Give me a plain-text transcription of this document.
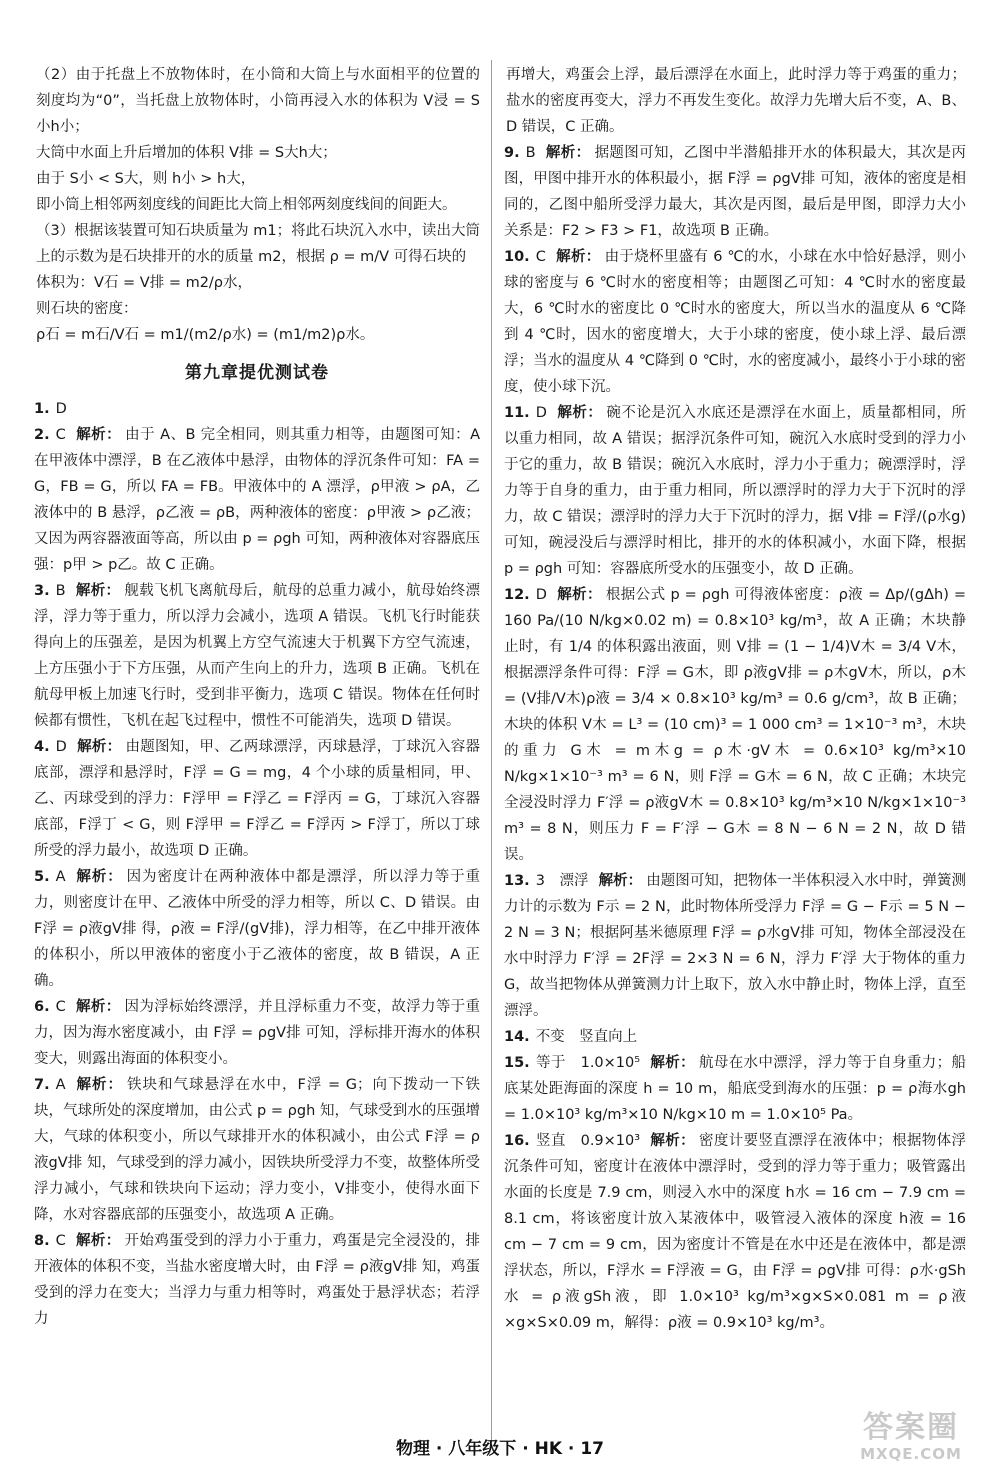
（2）由于托盘上不放物体时，在小筒和大筒上与水面相平的位置的刻度均为“0”，当托盘上放物体时，小筒再浸入水的体积为 V浸 = S小h小；

大筒中水面上升后增加的体积 V排 = S大h大；

由于 S小 < S大，则 h小 > h大，

即小筒上相邻两刻度线的间距比大筒上相邻两刻度线间的间距大。

（3）根据该装置可知石块质量为 m1；将此石块沉入水中，读出大筒上的示数为是石块排开的水的质量 m2，根据 ρ = m/V 可得石块的

体积为：V石 = V排 = m2/ρ水，

则石块的密度：

ρ石 = m石/V石 = m1/(m2/ρ水) = (m1/m2)ρ水。

第九章提优测试卷

1. D

2. C 解析： 由于 A、B 完全相同，则其重力相等，由题图可知：A 在甲液体中漂浮，B 在乙液体中悬浮，由物体的浮沉条件可知：FA = G，FB = G，所以 FA = FB。甲液体中的 A 漂浮，ρ甲液 > ρA，乙液体中的 B 悬浮，ρ乙液 = ρB，两种液体的密度：ρ甲液 > ρ乙液；又因为两容器液面等高，所以由 p = ρgh 可知，两种液体对容器底压强：p甲 > p乙。故 C 正确。

3. B 解析： 舰载飞机飞离航母后，航母的总重力减小，航母始终漂浮，浮力等于重力，所以浮力会减小，选项 A 错误。飞机飞行时能获得向上的压强差，是因为机翼上方空气流速大于机翼下方空气流速，上方压强小于下方压强，从而产生向上的升力，选项 B 正确。飞机在航母甲板上加速飞行时，受到非平衡力，选项 C 错误。物体在任何时候都有惯性，飞机在起飞过程中，惯性不可能消失，选项 D 错误。

4. D 解析： 由题图知，甲、乙两球漂浮，丙球悬浮，丁球沉入容器底部，漂浮和悬浮时，F浮 = G = mg，4 个小球的质量相同，甲、乙、丙球受到的浮力：F浮甲 = F浮乙 = F浮丙 = G，丁球沉入容器底部，F浮丁 < G，则 F浮甲 = F浮乙 = F浮丙 > F浮丁，所以丁球所受的浮力最小，故选项 D 正确。

5. A 解析： 因为密度计在两种液体中都是漂浮，所以浮力等于重力，则密度计在甲、乙液体中所受的浮力相等，所以 C、D 错误。由 F浮 = ρ液gV排 得，ρ液 = F浮/(gV排)，浮力相等，在乙中排开液体的体积小，所以甲液体的密度小于乙液体的密度，故 B 错误，A 正确。

6. C 解析： 因为浮标始终漂浮，并且浮标重力不变，故浮力等于重力，因为海水密度减小，由 F浮 = ρgV排 可知，浮标排开海水的体积变大，则露出海面的体积变小。

7. A 解析： 铁块和气球悬浮在水中，F浮 = G；向下拨动一下铁块，气球所处的深度增加，由公式 p = ρgh 知，气球受到水的压强增大，气球的体积变小，所以气球排开水的体积减小，由公式 F浮 = ρ液gV排 知，气球受到的浮力减小，因铁块所受浮力不变，故整体所受浮力减小，气球和铁块向下运动；浮力变小，V排变小，使得水面下降，水对容器底部的压强变小，故选项 A 正确。

8. C 解析： 开始鸡蛋受到的浮力小于重力，鸡蛋是完全浸没的，排开液体的体积不变，当盐水密度增大时，由 F浮 = ρ液gV排 知，鸡蛋受到的浮力在变大；当浮力与重力相等时，鸡蛋处于悬浮状态；若浮力

再增大，鸡蛋会上浮，最后漂浮在水面上，此时浮力等于鸡蛋的重力；盐水的密度再变大，浮力不再发生变化。故浮力先增大后不变，A、B、D 错误，C 正确。

9. B 解析： 据题图可知，乙图中半潜船排开水的体积最大，其次是丙图，甲图中排开水的体积最小，据 F浮 = ρgV排 可知，液体的密度是相同的，乙图中船所受浮力最大，其次是丙图，最后是甲图，即浮力大小关系是：F2 > F3 > F1，故选项 B 正确。

10. C 解析： 由于烧杯里盛有 6 ℃的水，小球在水中恰好悬浮，则小球的密度与 6 ℃时水的密度相等；由题图乙可知：4 ℃时水的密度最大，6 ℃时水的密度比 0 ℃时水的密度大，所以当水的温度从 6 ℃降到 4 ℃时，因水的密度增大，大于小球的密度，使小球上浮、最后漂浮；当水的温度从 4 ℃降到 0 ℃时，水的密度减小，最终小于小球的密度，使小球下沉。

11. D 解析： 碗不论是沉入水底还是漂浮在水面上，质量都相同，所以重力相同，故 A 错误；据浮沉条件可知，碗沉入水底时受到的浮力小于它的重力，故 B 错误；碗沉入水底时，浮力小于重力；碗漂浮时，浮力等于自身的重力，由于重力相同，所以漂浮时的浮力大于下沉时的浮力，故 C 错误；漂浮时的浮力大于下沉时的浮力，据 V排 = F浮/(ρ水g) 可知，碗浸没后与漂浮时相比，排开的水的体积减小，水面下降，根据 p = ρgh 可知：容器底所受水的压强变小，故 D 正确。

12. D 解析： 根据公式 p = ρgh 可得液体密度：ρ液 = Δp/(gΔh) = 160 Pa/(10 N/kg×0.02 m) = 0.8×10³ kg/m³，故 A 正确；木块静止时，有 1/4 的体积露出液面，则 V排 = (1 − 1/4)V木 = 3/4 V木，根据漂浮条件可得：F浮 = G木，即 ρ液gV排 = ρ木gV木，所以，ρ木 = (V排/V木)ρ液 = 3/4 × 0.8×10³ kg/m³ = 0.6 g/cm³，故 B 正确；木块的体积 V木 = L³ = (10 cm)³ = 1 000 cm³ = 1×10⁻³ m³，木块的重力 G木 = m木g = ρ木·gV木 = 0.6×10³ kg/m³×10 N/kg×1×10⁻³ m³ = 6 N，则 F浮 = G木 = 6 N，故 C 正确；木块完全浸没时浮力 F′浮 = ρ液gV木 = 0.8×10³ kg/m³×10 N/kg×1×10⁻³ m³ = 8 N，则压力 F = F′浮 − G木 = 8 N − 6 N = 2 N，故 D 错误。

13. 3　漂浮 解析： 由题图可知，把物体一半体积浸入水中时，弹簧测力计的示数为 F示 = 2 N，此时物体所受浮力 F浮 = G − F示 = 5 N − 2 N = 3 N；根据阿基米德原理 F浮 = ρ水gV排 可知，物体全部浸没在水中时浮力 F′浮 = 2F浮 = 2×3 N = 6 N，浮力 F′浮 大于物体的重力 G，故当把物体从弹簧测力计上取下，放入水中静止时，物体上浮，直至漂浮。

14. 不变　竖直向上

15. 等于　1.0×10⁵ 解析： 航母在水中漂浮，浮力等于自身重力；船底某处距海面的深度 h = 10 m，船底受到海水的压强：p = ρ海水gh = 1.0×10³ kg/m³×10 N/kg×10 m = 1.0×10⁵ Pa。

16. 竖直　0.9×10³ 解析： 密度计要竖直漂浮在液体中；根据物体浮沉条件可知，密度计在液体中漂浮时，受到的浮力等于重力；吸管露出水面的长度是 7.9 cm，则浸入水中的深度 h水 = 16 cm − 7.9 cm = 8.1 cm，将该密度计放入某液体中，吸管浸入液体的深度 h液 = 16 cm − 7 cm = 9 cm，因为密度计不管是在水中还是在液体中，都是漂浮状态，所以，F浮水 = F浮液 = G，由 F浮 = ρgV排 可得：ρ水·gSh水 = ρ液gSh液，即 1.0×10³ kg/m³×g×S×0.081 m = ρ液×g×S×0.09 m，解得：ρ液 = 0.9×10³ kg/m³。

物理 · 八年级下 · HK · 17
答案圈
MXQE.COM
